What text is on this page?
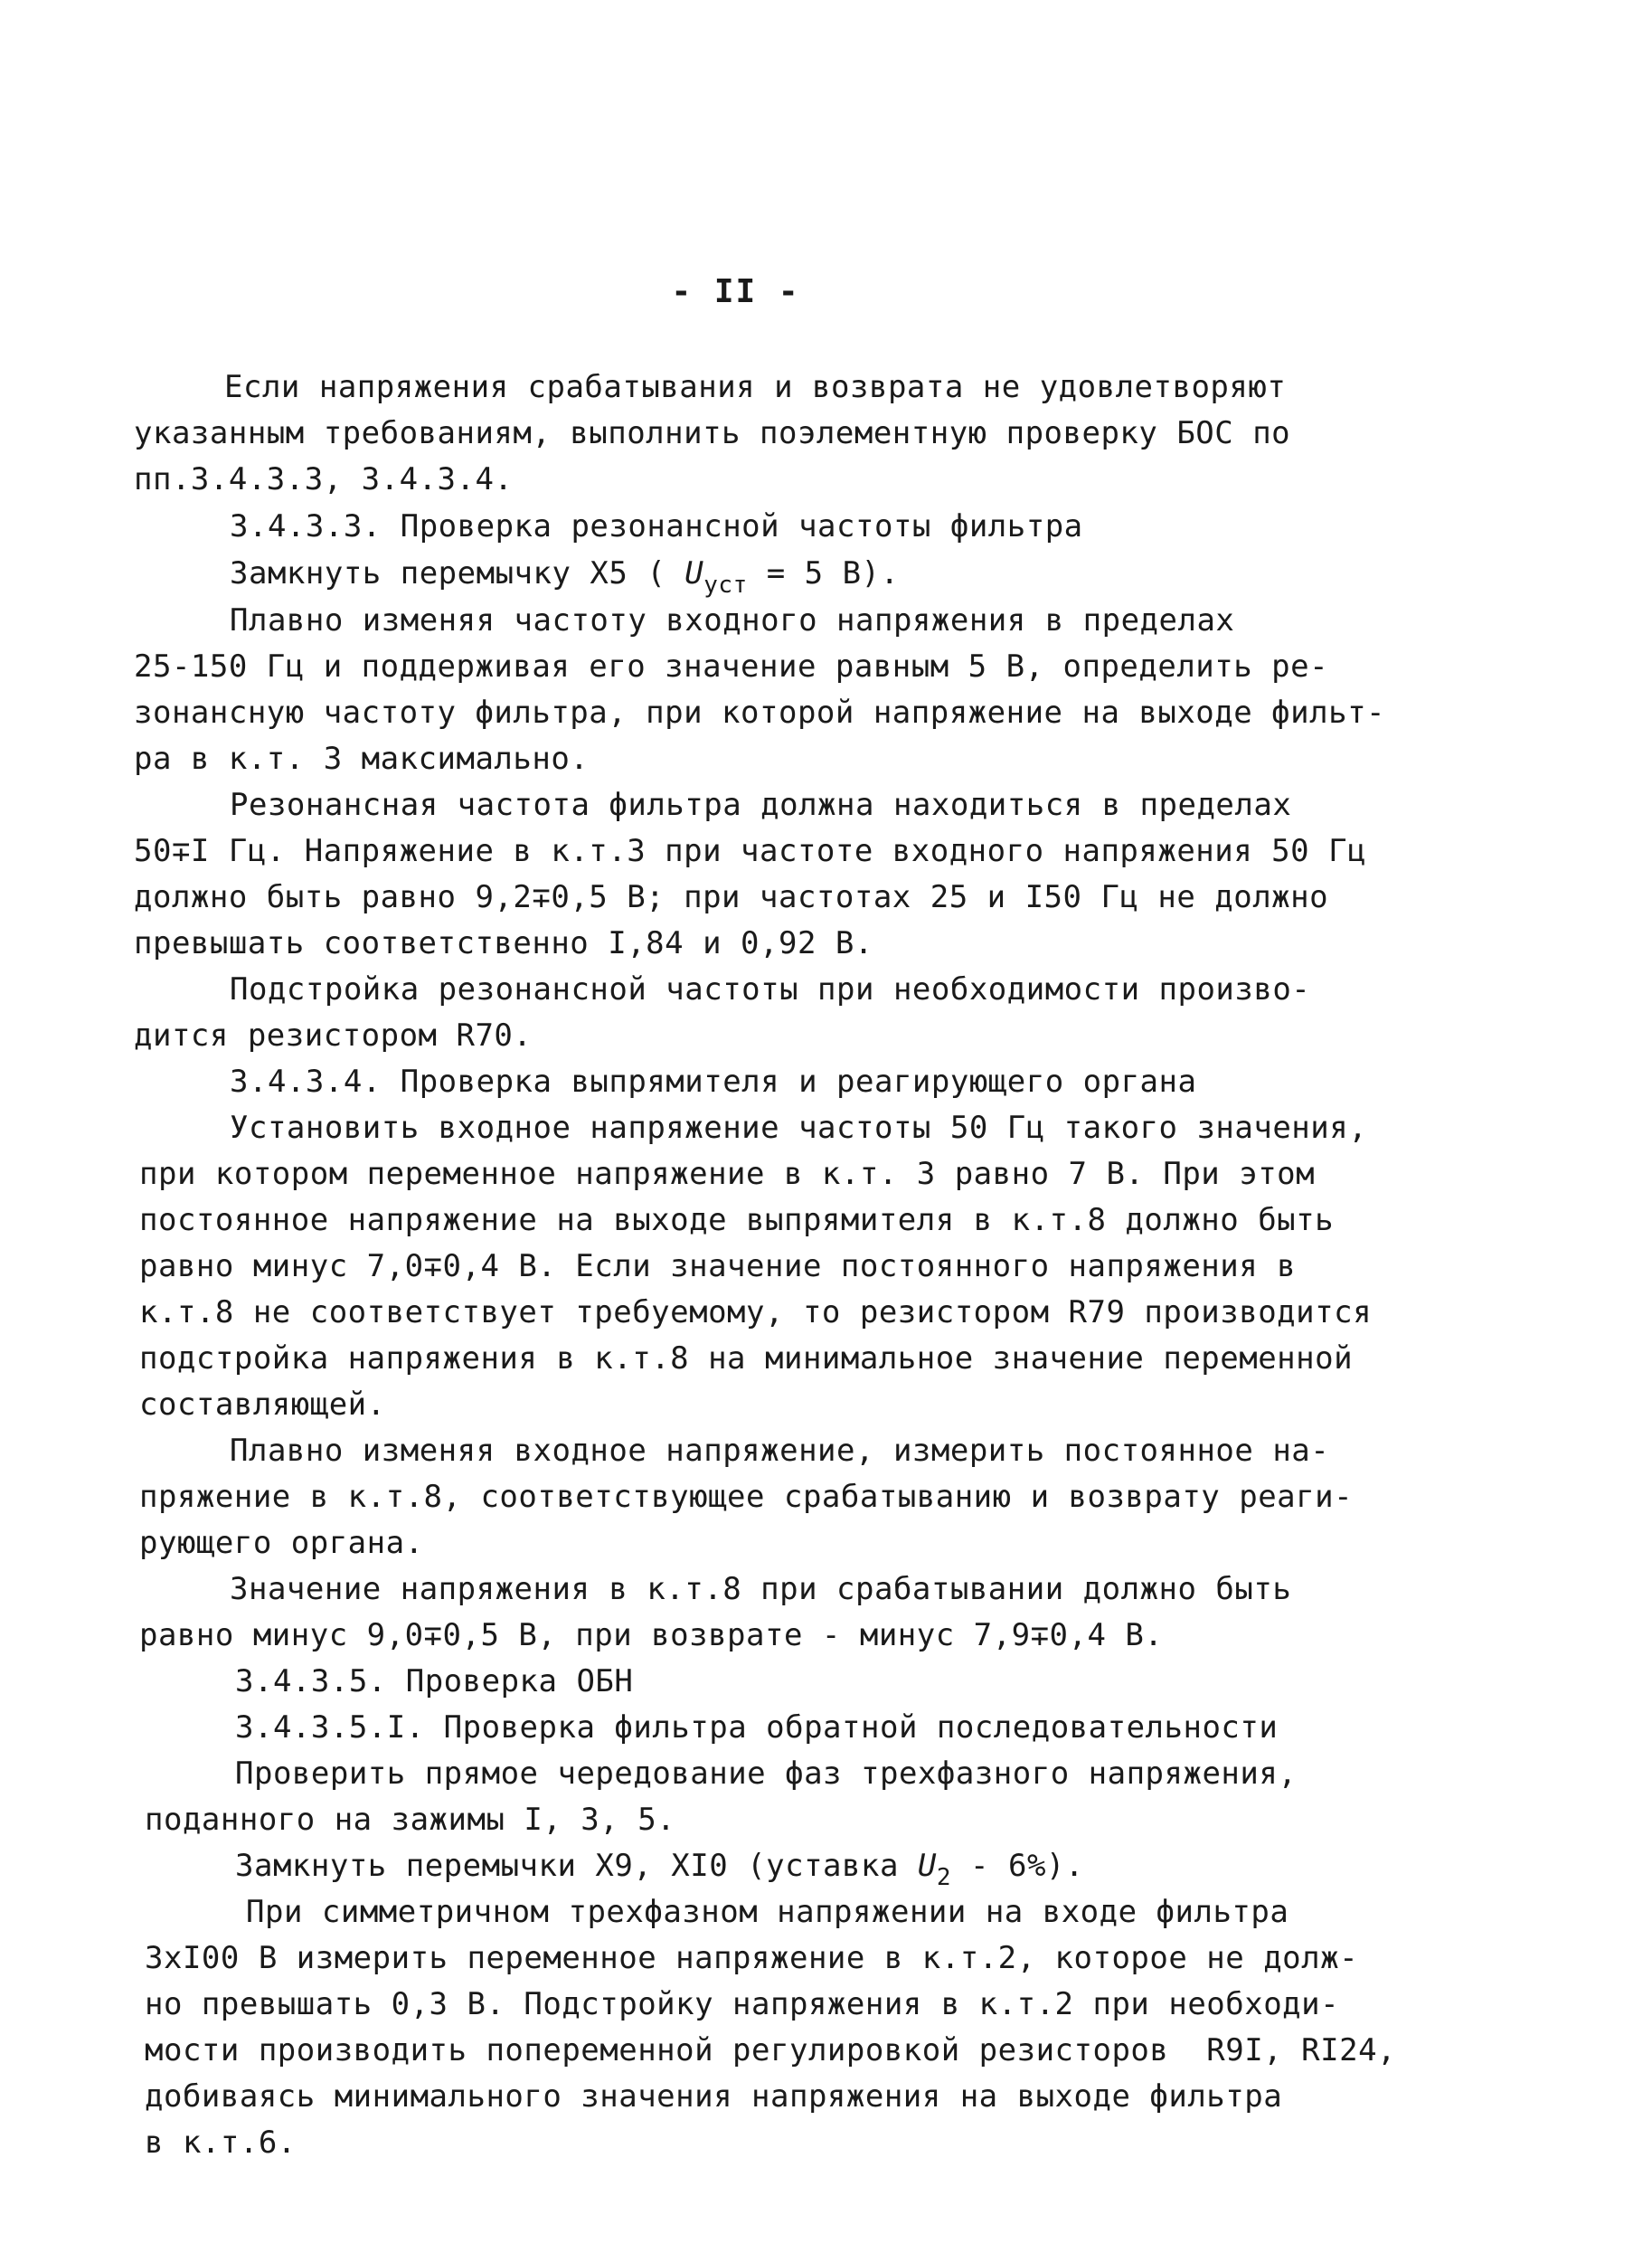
- II -
Если напряжения срабатывания и возврата не удовлетворяют
указанным требованиям, выполнить поэлементную проверку БОС по
пп.3.4.3.3, 3.4.3.4.
3.4.3.3. Проверка резонансной частоты фильтра
Замкнуть перемычку Х5 ( $U_{уст} = 5$ В).
Плавно изменяя частоту входного напряжения в пределах
25-150 Гц и поддерживая его значение равным 5 В, определить ре-
зонансную частоту фильтра, при которой напряжение на выходе фильт-
ра в к.т. 3 максимально.
Резонансная частота фильтра должна находиться в пределах
50∓I Гц. Напряжение в к.т.3 при частоте входного напряжения 50 Гц
должно быть равно 9,2∓0,5 В; при частотах 25 и I50 Гц не должно
превышать соответственно I,84 и 0,92 В.
Подстройка резонансной частоты при необходимости произво-
дится резистором R70.
3.4.3.4. Проверка выпрямителя и реагирующего органа
Установить входное напряжение частоты 50 Гц такого значения,
при котором переменное напряжение в к.т. 3 равно 7 В. При этом
постоянное напряжение на выходе выпрямителя в к.т.8 должно быть
равно минус 7,0∓0,4 В. Если значение постоянного напряжения в
к.т.8 не соответствует требуемому, то резистором R79 производится
подстройка напряжения в к.т.8 на минимальное значение переменной
составляющей.
Плавно изменяя входное напряжение, измерить постоянное на-
пряжение в к.т.8, соответствующее срабатыванию и возврату реаги-
рующего органа.
Значение напряжения в к.т.8 при срабатывании должно быть
равно минус 9,0∓0,5 В, при возврате - минус 7,9∓0,4 В.
3.4.3.5. Проверка ОБН
3.4.3.5.I. Проверка фильтра обратной последовательности
Проверить прямое чередование фаз трехфазного напряжения,
поданного на зажимы I, 3, 5.
Замкнуть перемычки Х9, ХI0 (уставка $U_2 - 6\%$).
При симметричном трехфазном напряжении на входе фильтра
3хI00 В измерить переменное напряжение в к.т.2, которое не долж-
но превышать 0,3 В. Подстройку напряжения в к.т.2 при необходи-
мости производить попеременной регулировкой резисторов  R9I, RI24,
добиваясь минимального значения напряжения на выходе фильтра
в к.т.6.
